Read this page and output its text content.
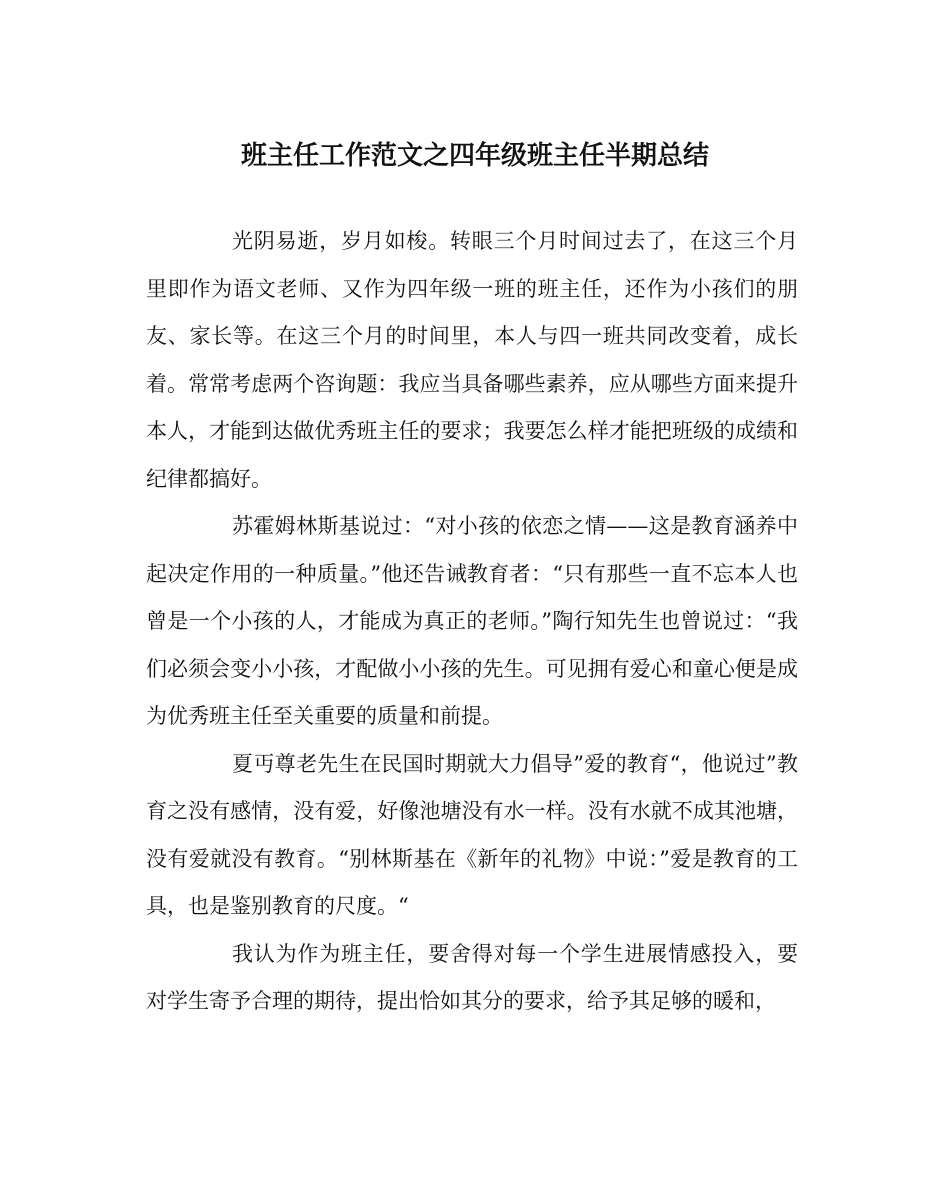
班主任工作范文之四年级班主任半期总结

光阴易逝，岁月如梭。转眼三个月时间过去了，在这三个月里即作为语文老师、又作为四年级一班的班主任，还作为小孩们的朋友、家长等。在这三个月的时间里，本人与四一班共同改变着，成长着。常常考虑两个咨询题：我应当具备哪些素养，应从哪些方面来提升本人，才能到达做优秀班主任的要求；我要怎么样才能把班级的成绩和纪律都搞好。

苏霍姆林斯基说过：“对小孩的依恋之情——这是教育涵养中起决定作用的一种质量。”他还告诫教育者：“只有那些一直不忘本人也曾是一个小孩的人，才能成为真正的老师。”陶行知先生也曾说过：“我们必须会变小小孩，才配做小小孩的先生。可见拥有爱心和童心便是成为优秀班主任至关重要的质量和前提。

夏丏尊老先生在民国时期就大力倡导”爱的教育“，他说过”教育之没有感情，没有爱，好像池塘没有水一样。没有水就不成其池塘，没有爱就没有教育。“别林斯基在《新年的礼物》中说：”爱是教育的工具，也是鉴别教育的尺度。“

我认为作为班主任，要舍得对每一个学生进展情感投入，要对学生寄予合理的期待，提出恰如其分的要求，给予其足够的暖和，
